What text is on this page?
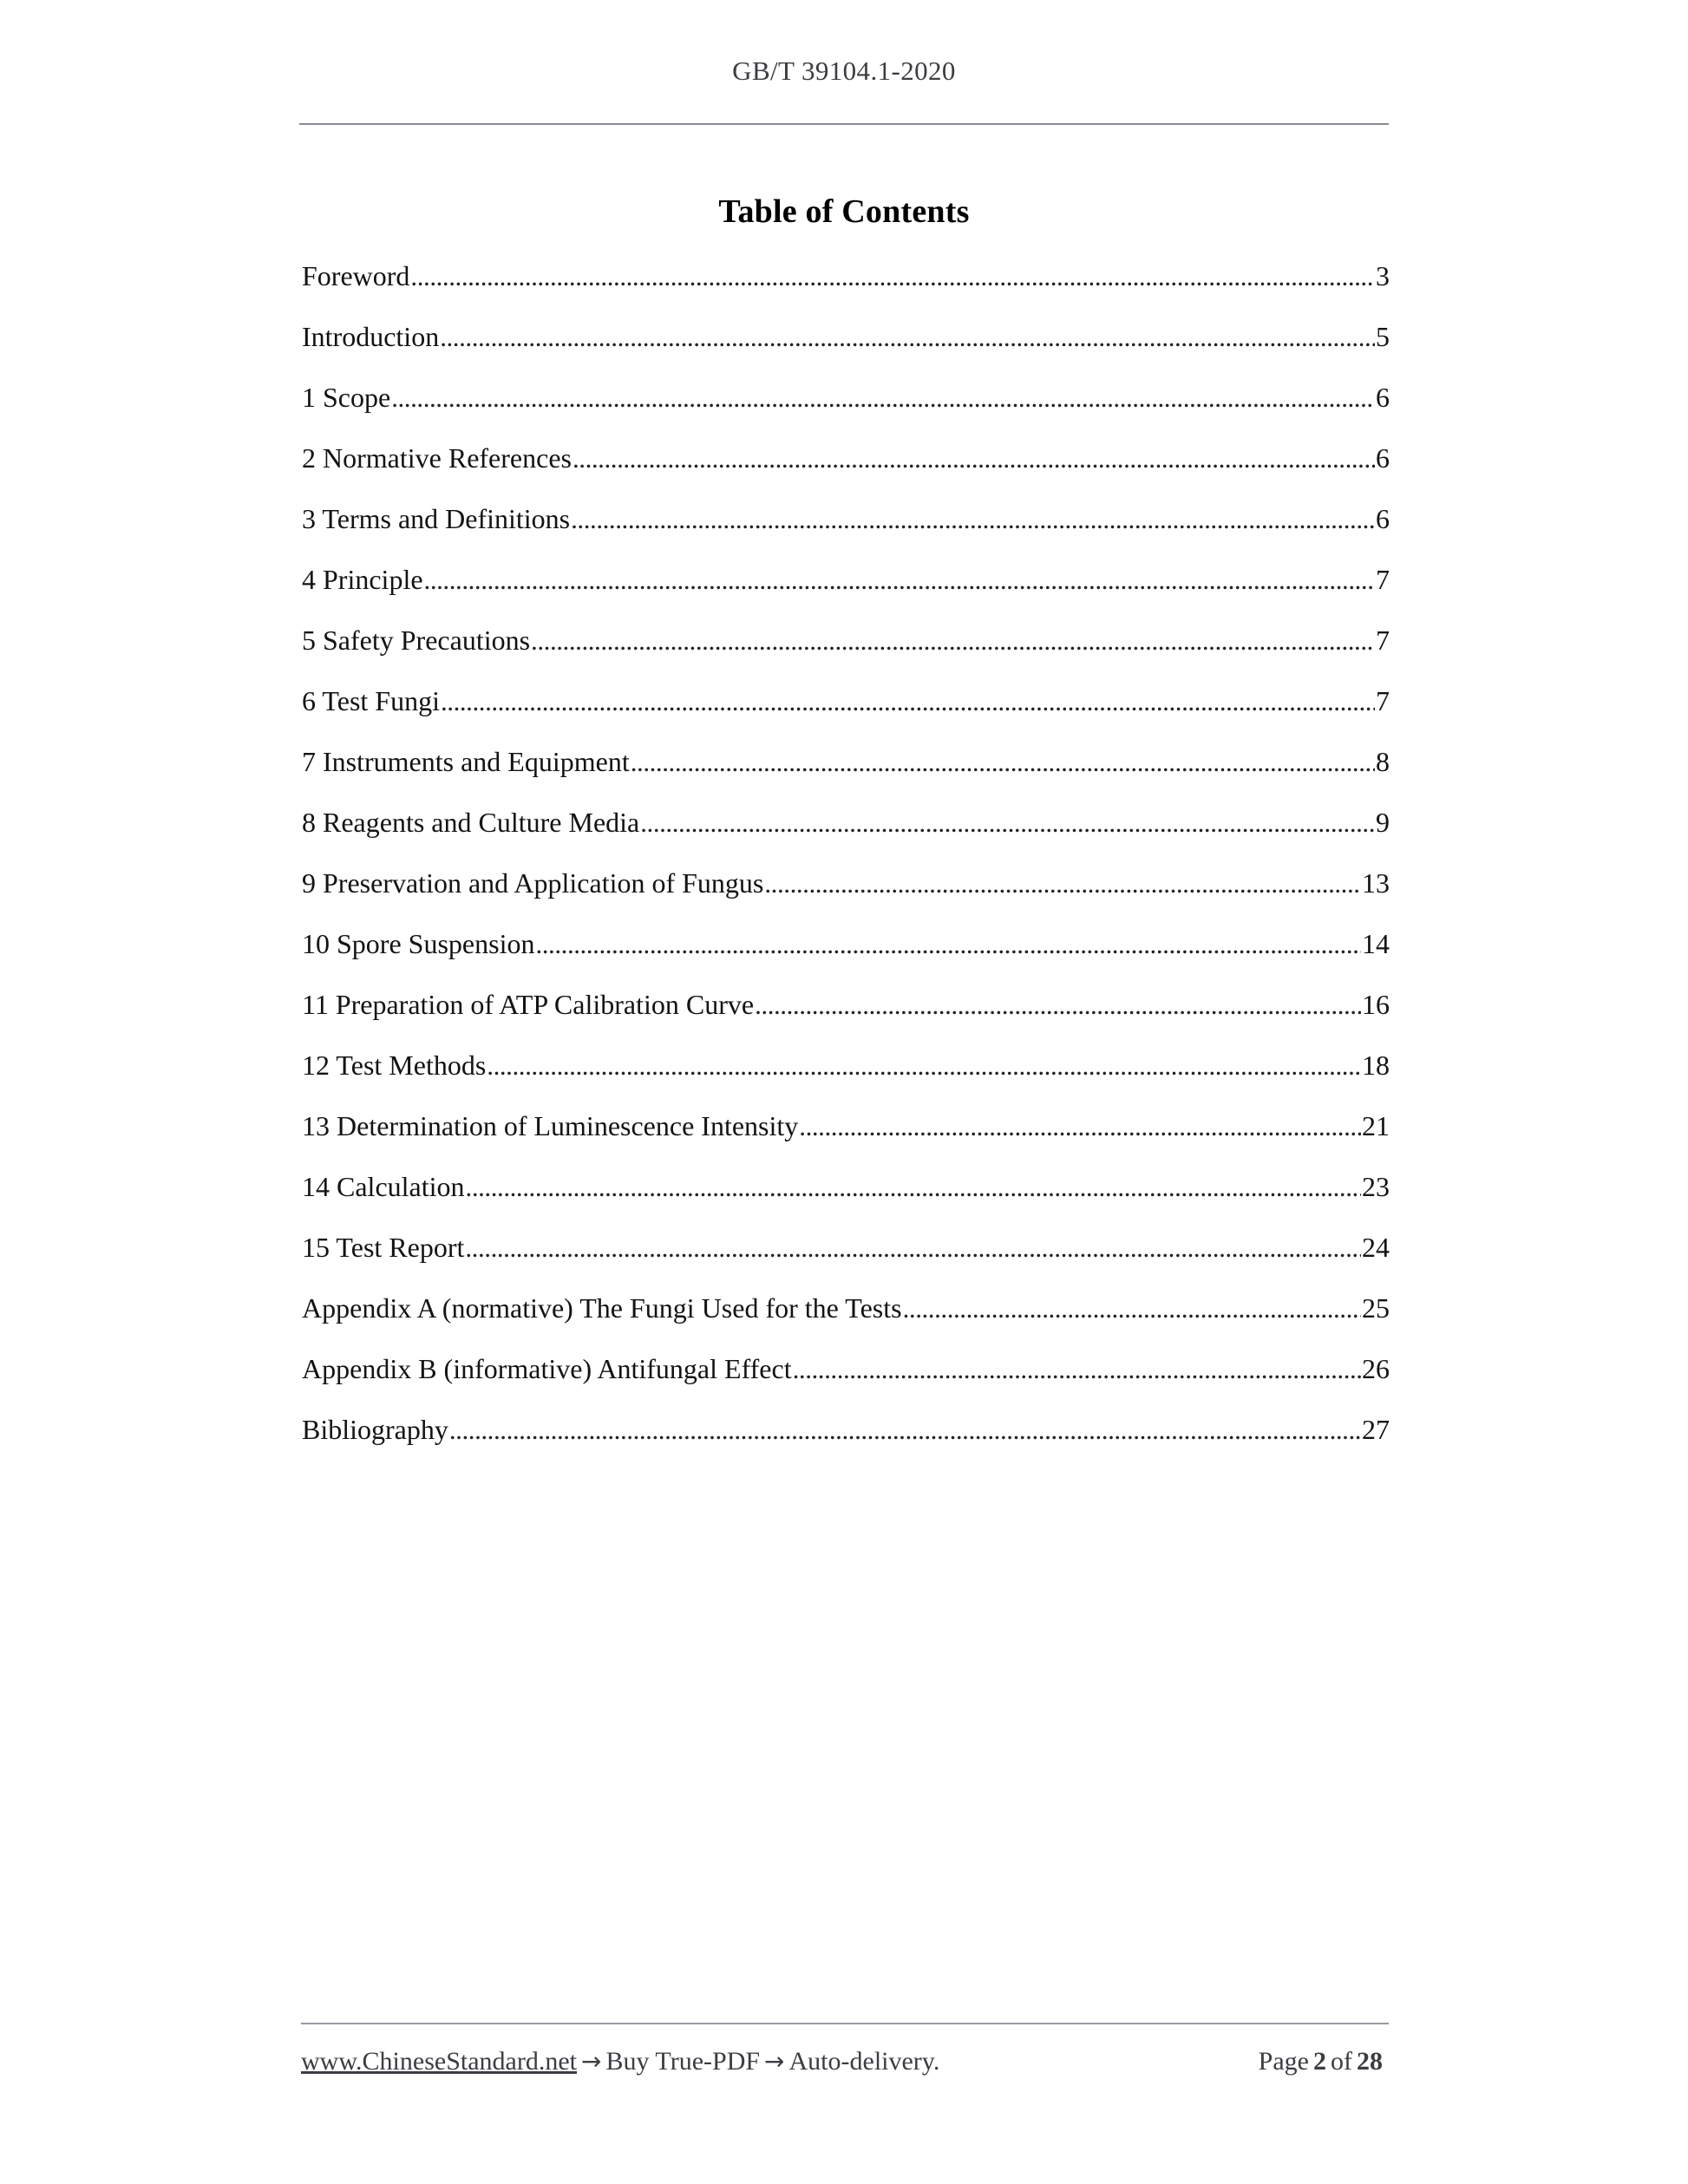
GB/T 39104.1-2020
Table of Contents
Foreword . . .	3
Introduction . . .	5
1 Scope . . .	6
2 Normative References . . .	6
3 Terms and Definitions . . .	6
4 Principle . . .	7
5 Safety Precautions . . .	7
6 Test Fungi . . .	7
7 Instruments and Equipment . . .	8
8 Reagents and Culture Media . . .	9
9 Preservation and Application of Fungus . . .	13
10 Spore Suspension . . .	14
11 Preparation of ATP Calibration Curve . . .	16
12 Test Methods . . .	18
13 Determination of Luminescence Intensity . . .	21
14 Calculation . . .	23
15 Test Report . . .	24
Appendix A (normative) The Fungi Used for the Tests . . .	25
Appendix B (informative) Antifungal Effect . . .	26
Bibliography . . .	27
www.ChineseStandard.net → Buy True-PDF → Auto-delivery.	Page 2 of 28
